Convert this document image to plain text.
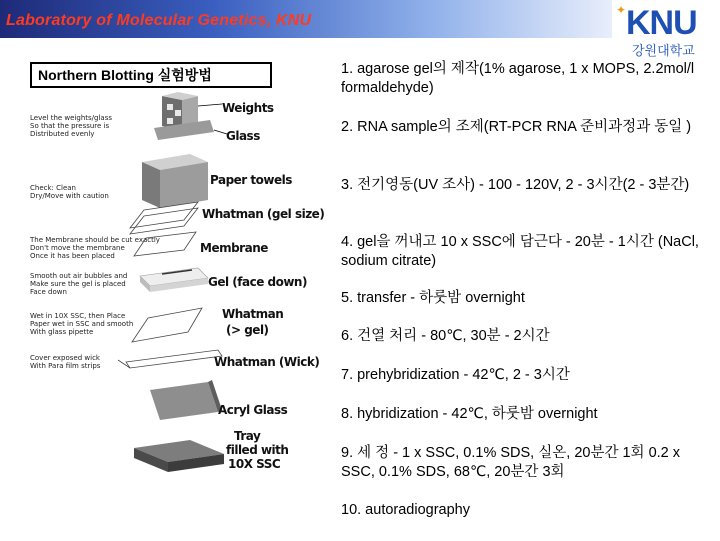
Laboratory of Molecular Genetics, KNU
✦ KNU
강원대학교
Northern Blotting 실험방법
Weights
Glass
Paper towels
Whatman (gel size)
Membrane
Gel (face down)
Whatman
(> gel)
Whatman (Wick)
Acryl Glass
Tray
filled with
10X SSC
Level the weights/glass
So that the pressure is
Distributed evenly
Check: Clean
Dry/Move with caution
The Membrane should be cut exactly
Don't move the membrane
Once it has been placed
Smooth out air bubbles and
Make sure the gel is placed
Face down
Wet in 10X SSC, then Place
Paper wet in SSC and smooth
With glass pipette
Cover exposed wick
With Para film strips
1. agarose gel의 제작(1% agarose, 1 x MOPS, 2.2mol/l formaldehyde)
2. RNA sample의 조제(RT-PCR RNA 준비과정과 동일 )
3. 전기영동(UV 조사) - 100 - 120V, 2 - 3시간(2 - 3분간)
4. gel을 꺼내고 10 x SSC에 담근다 - 20분 - 1시간 (NaCl, sodium citrate)
5. transfer - 하룻밤 overnight
6. 건열 처리 - 80℃, 30분 - 2시간
7. prehybridization - 42℃, 2 - 3시간
8. hybridization - 42℃, 하룻밤 overnight
9. 세 정 - 1 x SSC, 0.1% SDS, 실온, 20분간 1회 0.2 x SSC, 0.1% SDS, 68℃, 20분간 3회
10. autoradiography
